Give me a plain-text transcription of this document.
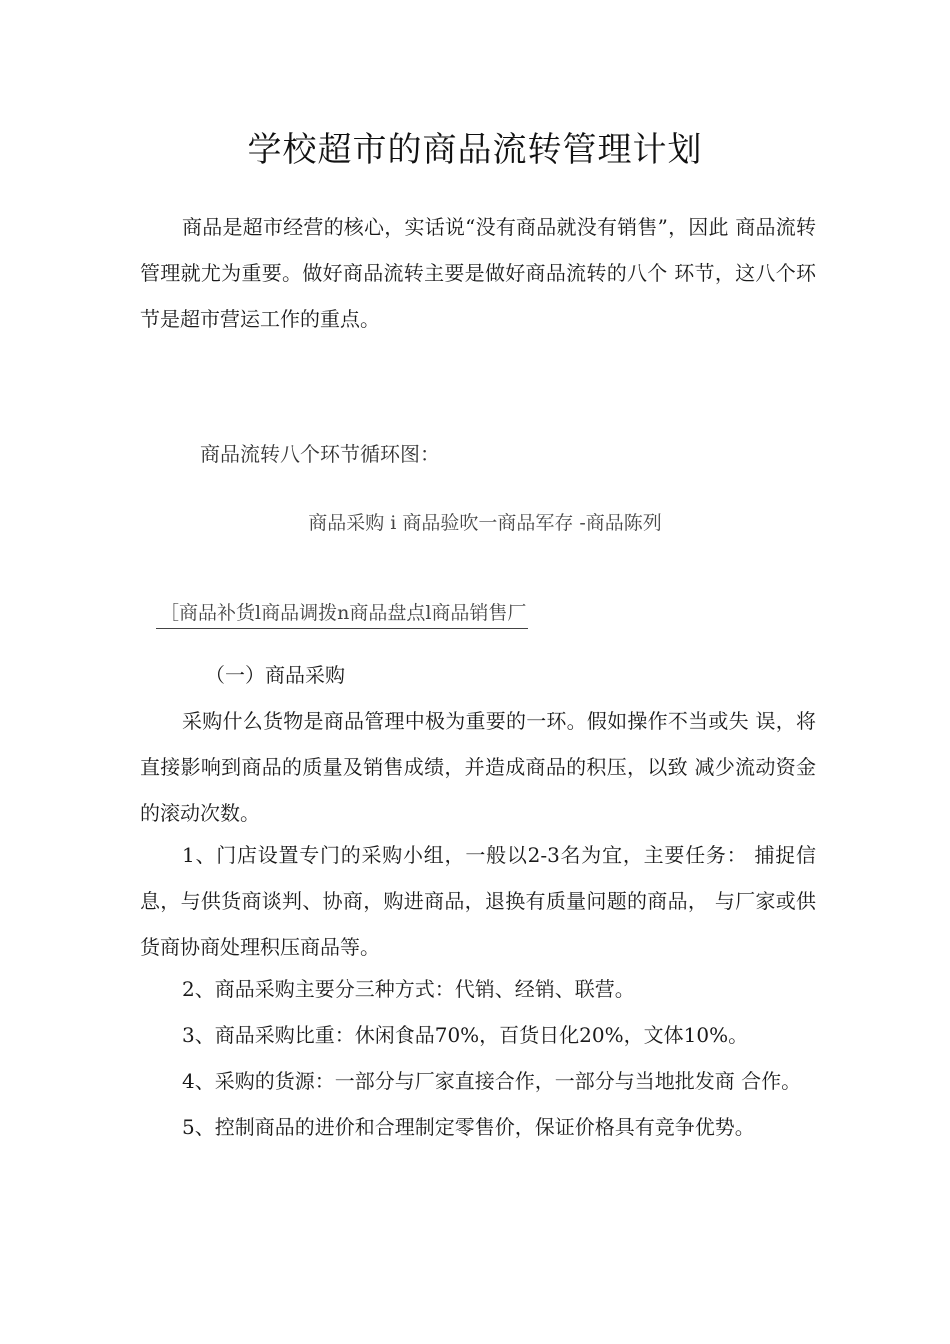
学校超市的商品流转管理计划
商品是超市经营的核心，实话说“没有商品就没有销售”，因此 商品流转管理就尤为重要。做好商品流转主要是做好商品流转的八个 环节，这八个环节是超市营运工作的重点。
商品流转八个环节循环图：
商品采购 i 商品验吹一商品军存 -商品陈列
［商品补货l商品调拨n商品盘点l商品销售厂
（一）商品采购
采购什么货物是商品管理中极为重要的一环。假如操作不当或失 误，将直接影响到商品的质量及销售成绩，并造成商品的积压，以致 减少流动资金的滚动次数。
1、门店设置专门的采购小组，一般以2-3名为宜，主要任务： 捕捉信息，与供货商谈判、协商，购进商品，退换有质量问题的商品， 与厂家或供货商协商处理积压商品等。
2、商品采购主要分三种方式：代销、经销、联营。
3、商品采购比重：休闲食品70%，百货日化20%，文体10%。
4、采购的货源：一部分与厂家直接合作，一部分与当地批发商 合作。
5、控制商品的进价和合理制定零售价，保证价格具有竞争优势。
